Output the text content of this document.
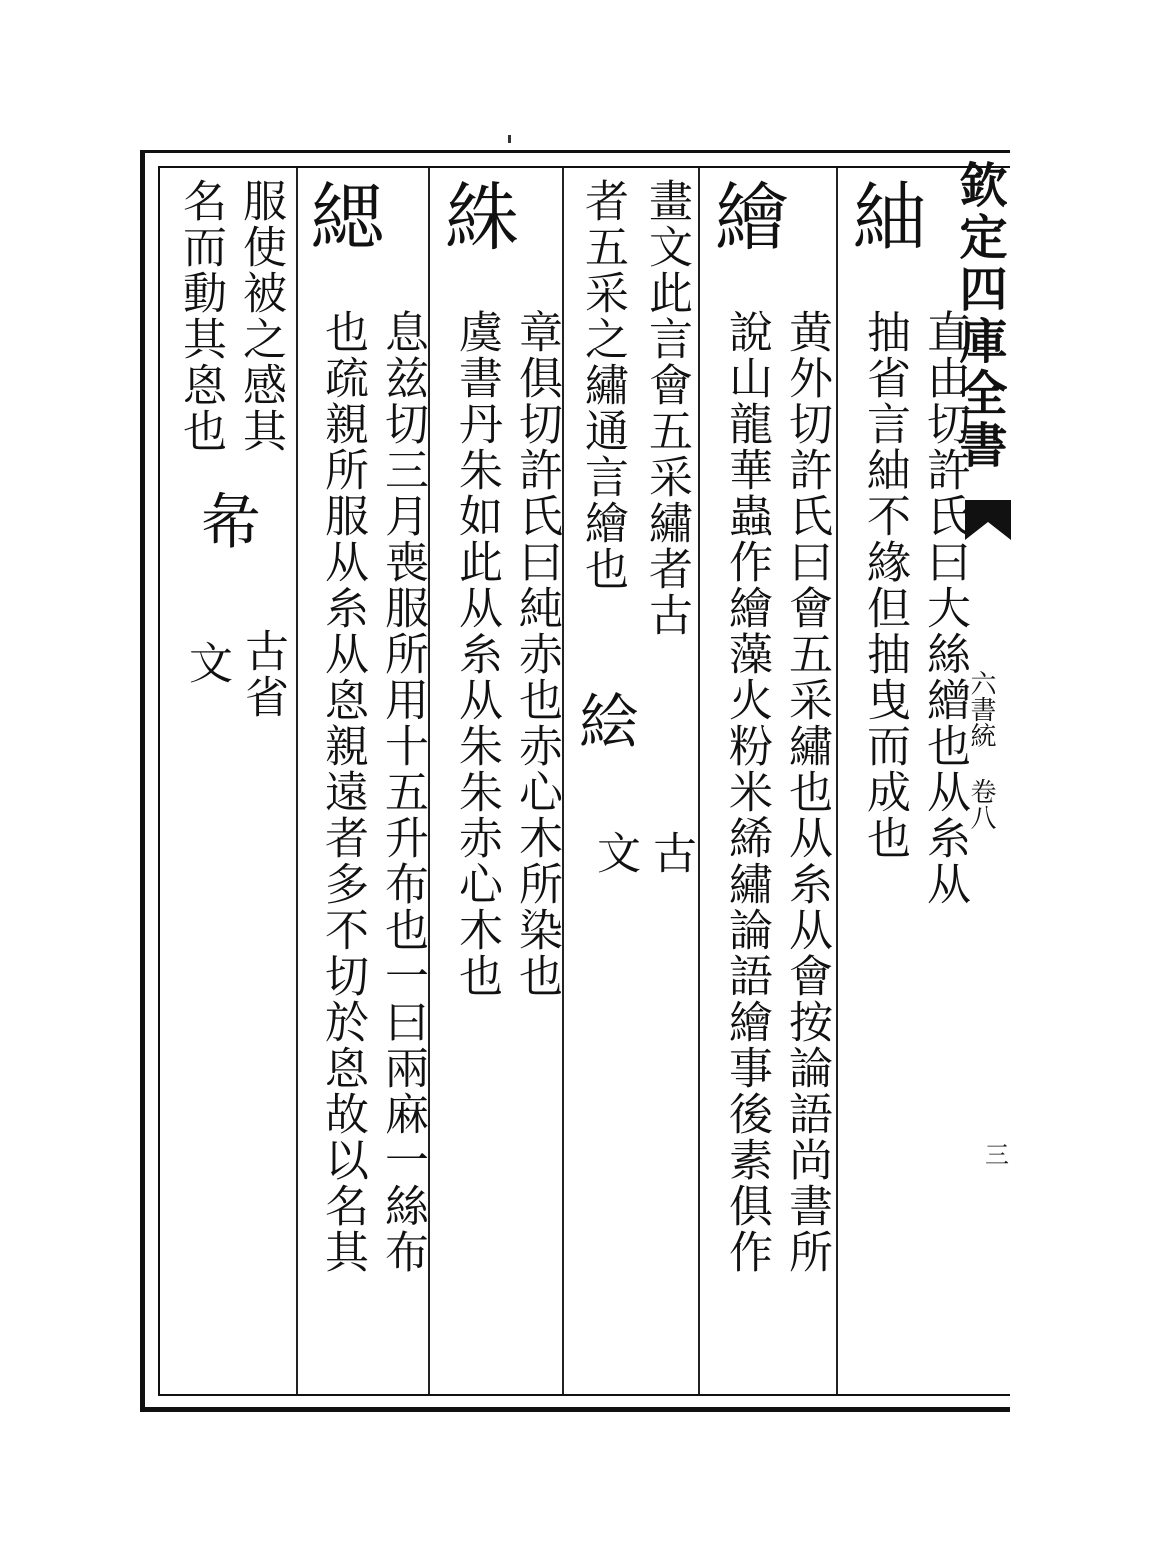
欽定四庫全書
六書統 卷八
三
紬 直由切許氏曰大絲繒也从糸从
抽省言紬不緣但抽曳而成也
繪 黄外切許氏曰會五采繡也从糸从會按論語尚書所
說山龍華蟲作繪藻火粉米絺繡論語繪事後素俱作
畫文此言會五采繡者古
者五采之繡通言繪也
絵
古
文
絑 章俱切許氏曰純赤也赤心木所染也
虞書丹朱如此从糸从朱朱赤心木也
緦 息兹切三月喪服所用十五升布也一曰兩麻一絲布
也疏親所服从糸从恖親遠者多不切於恖故以名其
服使被之感其
名而動其恖也
㣇
古省
文
